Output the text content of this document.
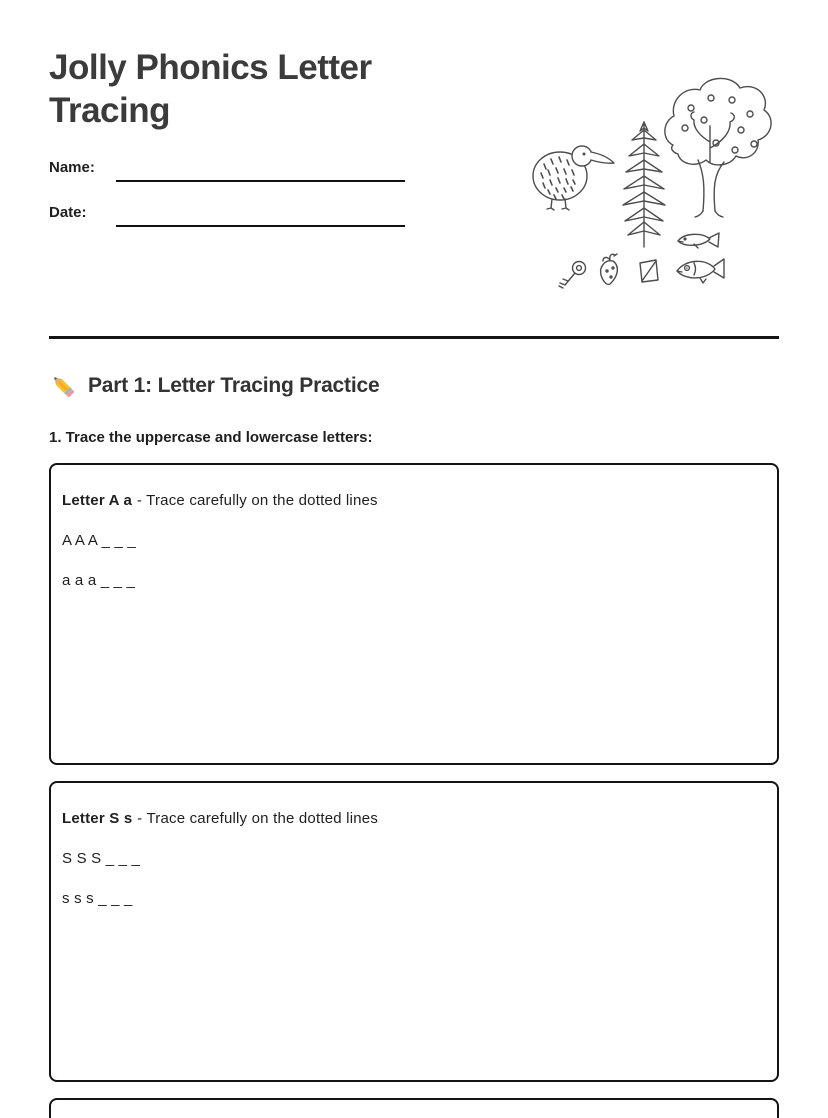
Jolly Phonics Letter Tracing
Name:
Date:
Part 1: Letter Tracing Practice
1. Trace the uppercase and lowercase letters:
Letter A a - Trace carefully on the dotted lines
A A A _ _ _
a a a _ _ _
Letter S s - Trace carefully on the dotted lines
S S S _ _ _
s s s _ _ _
